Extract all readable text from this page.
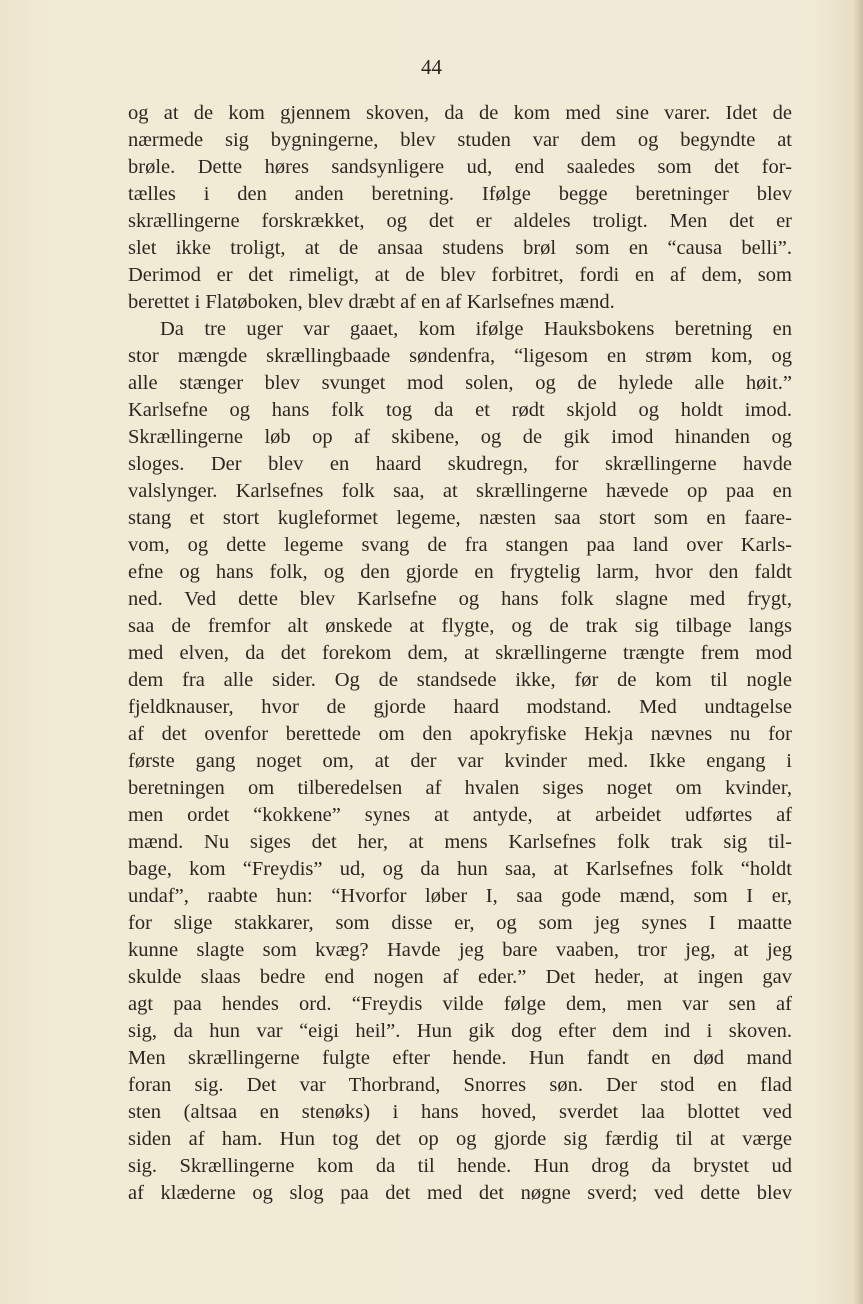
44
og at de kom gjennem skoven, da de kom med sine varer. Idet de
nærmede sig bygningerne, blev studen var dem og begyndte at
brøle. Dette høres sandsynligere ud, end saaledes som det for-
tælles i den anden beretning. Ifølge begge beretninger blev
skrællingerne forskrækket, og det er aldeles troligt. Men det er
slet ikke troligt, at de ansaa studens brøl som en “causa belli”.
Derimod er det rimeligt, at de blev forbitret, fordi en af dem, som
berettet i Flatøboken, blev dræbt af en af Karlsefnes mænd.
Da tre uger var gaaet, kom ifølge Hauksbokens beretning en
stor mængde skrællingbaade søndenfra, “ligesom en strøm kom, og
alle stænger blev svunget mod solen, og de hylede alle høit.”
Karlsefne og hans folk tog da et rødt skjold og holdt imod.
Skrællingerne løb op af skibene, og de gik imod hinanden og
sloges. Der blev en haard skudregn, for skrællingerne havde
valslynger. Karlsefnes folk saa, at skrællingerne hævede op paa en
stang et stort kugleformet legeme, næsten saa stort som en faare-
vom, og dette legeme svang de fra stangen paa land over Karls-
efne og hans folk, og den gjorde en frygtelig larm, hvor den faldt
ned. Ved dette blev Karlsefne og hans folk slagne med frygt,
saa de fremfor alt ønskede at flygte, og de trak sig tilbage langs
med elven, da det forekom dem, at skrællingerne trængte frem mod
dem fra alle sider. Og de standsede ikke, før de kom til nogle
fjeldknauser, hvor de gjorde haard modstand. Med undtagelse
af det ovenfor berettede om den apokryfiske Hekja nævnes nu for
første gang noget om, at der var kvinder med. Ikke engang i
beretningen om tilberedelsen af hvalen siges noget om kvinder,
men ordet “kokkene” synes at antyde, at arbeidet udførtes af
mænd. Nu siges det her, at mens Karlsefnes folk trak sig til-
bage, kom “Freydis” ud, og da hun saa, at Karlsefnes folk “holdt
undaf”, raabte hun: “Hvorfor løber I, saa gode mænd, som I er,
for slige stakkarer, som disse er, og som jeg synes I maatte
kunne slagte som kvæg? Havde jeg bare vaaben, tror jeg, at jeg
skulde slaas bedre end nogen af eder.” Det heder, at ingen gav
agt paa hendes ord. “Freydis vilde følge dem, men var sen af
sig, da hun var “eigi heil”. Hun gik dog efter dem ind i skoven.
Men skrællingerne fulgte efter hende. Hun fandt en død mand
foran sig. Det var Thorbrand, Snorres søn. Der stod en flad
sten (altsaa en stenøks) i hans hoved, sverdet laa blottet ved
siden af ham. Hun tog det op og gjorde sig færdig til at værge
sig. Skrællingerne kom da til hende. Hun drog da brystet ud
af klæderne og slog paa det med det nøgne sverd; ved dette blev
